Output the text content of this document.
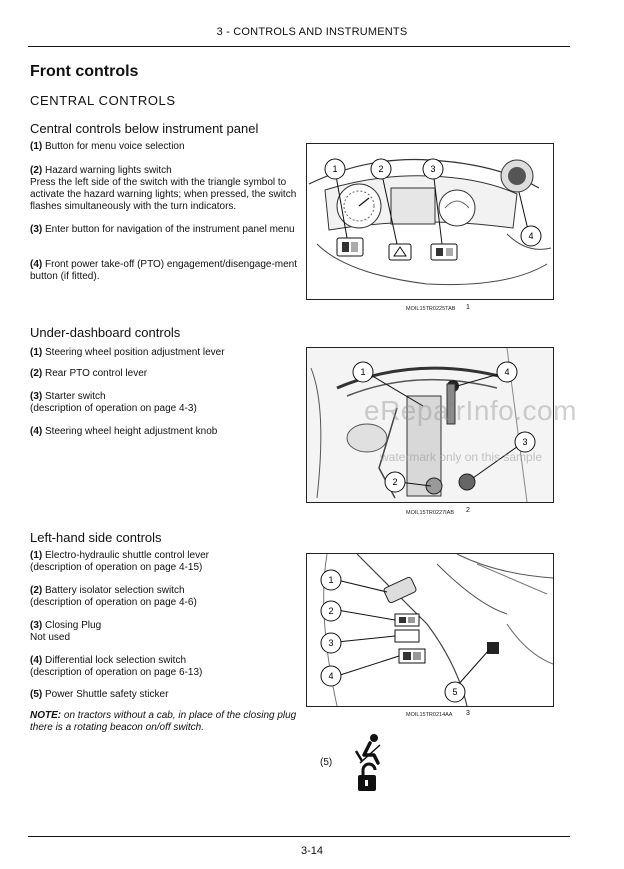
3 - CONTROLS AND INSTRUMENTS
Front controls
CENTRAL CONTROLS
Central controls below instrument panel
(1) Button for menu voice selection
(2) Hazard warning lights switch
Press the left side of the switch with the triangle symbol to activate the hazard warning lights; when pressed, the switch flashes simultaneously with the turn indicators.
(3) Enter button for navigation of the instrument panel menu
(4) Front power take-off (PTO) engagement/disengage-ment button (if fitted).
1	2	3
4
MOIL15TR0225TAB 1
Under-dashboard controls
(1) Steering wheel position adjustment lever
(2) Rear PTO control lever
(3) Starter switch
(description of operation on page 4-3)
(4) Steering wheel height adjustment knob
1
2
3
4
MOIL15TR0227IAB 2
eRepairInfo.com
watermark only on this sample
Left-hand side controls
(1) Electro-hydraulic shuttle control lever
(description of operation on page 4-15)
(2) Battery isolator selection switch
(description of operation on page 4-6)
(3) Closing Plug
Not used
(4) Differential lock selection switch
(description of operation on page 6-13)
(5) Power Shuttle safety sticker
NOTE: on tractors without a cab, in place of the closing plug there is a rotating beacon on/off switch.
1
2
3
4
5
MOIL15TR0214AA 3
(5)
3-14
